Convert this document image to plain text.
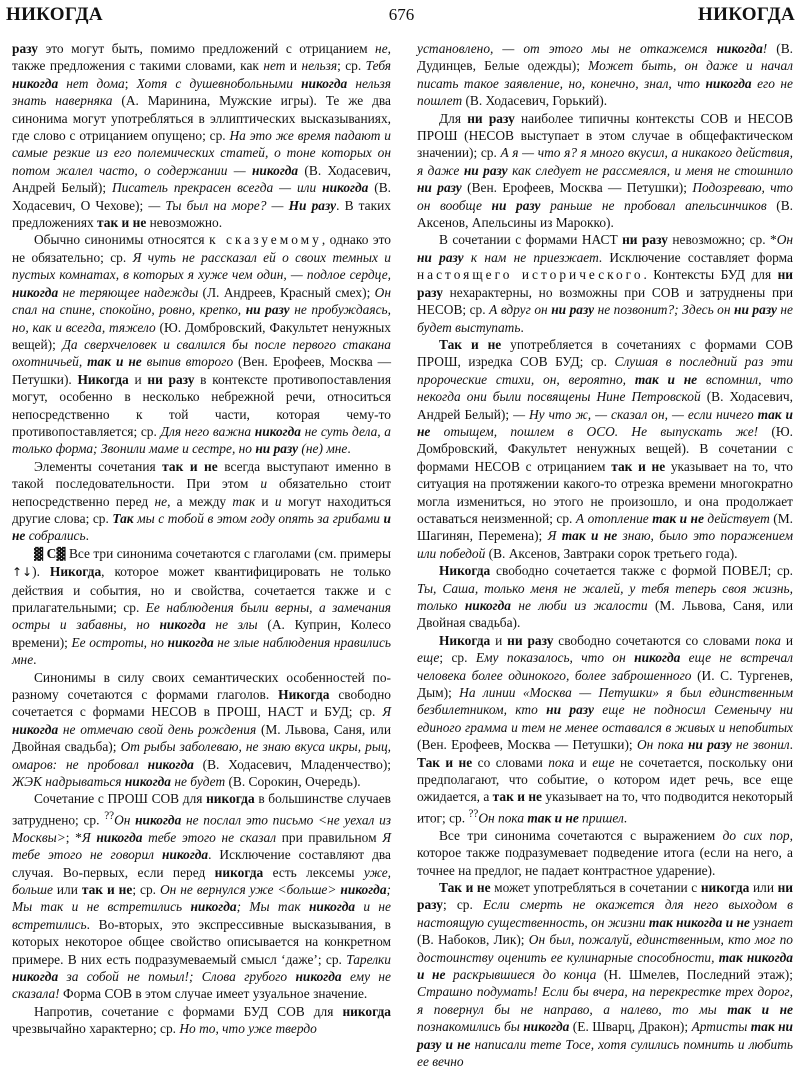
НИКОГДА	676	НИКОГДА

разу это могут быть, помимо предложений с отрицанием не, также предложения с такими словами, как нет и нельзя; ср. Тебя никогда нет дома; Хотя с душевнобольными никогда нельзя знать наверняка (А. Маринина, Мужские игры). Те же два синонима могут употребляться в эллиптических высказываниях, где слово с отрицанием опущено; ср. На это же время падают и самые резкие из его полемических статей, о тоне которых он потом жалел часто, о содержании — никогда (В. Ходасевич, Андрей Белый); Писатель прекрасен всегда — или никогда (В. Ходасевич, О Чехове); — Ты был на море? — Ни разу. В таких предложениях так и не невозможно.

Обычно синонимы относятся к сказуемому, однако это не обязательно; ср. Я чуть не рассказал ей о своих темных и пустых комнатах, в которых я хуже чем один, — подлое сердце, никогда не теряющее надежды (Л. Андреев, Красный смех); Он спал на спине, спокойно, ровно, крепко, ни разу не пробуждаясь, но, как и всегда, тяжело (Ю. Домбровский, Факультет ненужных вещей); Да сверхчеловек и свалился бы после первого стакана охотничьей, так и не выпив второго (Вен. Ерофеев, Москва — Петушки). Никогда и ни разу в контексте противопоставления могут, особенно в несколько небрежной речи, относиться непосредственно к той части, которая чему-то противопоставляется; ср. Для него важна никогда не суть дела, а только форма; Звонили маме и сестре, но ни разу (не) мне.

Элементы сочетания так и не всегда выступают именно в такой последовательности. При этом и обязательно стоит непосредственно перед не, а между так и и могут находиться другие слова; ср. Так мы с тобой в этом году опять за грибами и не собрались.

▓ С▓ Все три синонима сочетаются с глаголами (см. примеры ↑↓). Никогда, которое может квантифицировать не только действия и события, но и свойства, сочетается также и с прилагательными; ср. Ее наблюдения были верны, а замечания остры и забавны, но никогда не злы (А. Куприн, Колесо времени); Ее остроты, но никогда не злые наблюдения нравились мне.

Синонимы в силу своих семантических особенностей по-разному сочетаются с формами глаголов. Никогда свободно сочетается с формами НЕСОВ в ПРОШ, НАСТ и БУД; ср. Я никогда не отмечаю свой день рождения (М. Львова, Саня, или Двойная свадьба); От рыбы заболеваю, не знаю вкуса икры, рыц, омаров: не пробовал никогда (В. Ходасевич, Младенчество); ЖЭК надрываться никогда не будет (В. Сорокин, Очередь).

Сочетание с ПРОШ СОВ для никогда в большинстве случаев затруднено; ср. ??Он никогда не послал это письмо <не уехал из Москвы>; *Я никогда тебе этого не сказал при правильном Я тебе этого не говорил никогда. Исключение составляют два случая. Во-первых, если перед никогда есть лексемы уже, больше или так и не; ср. Он не вернулся уже <больше> никогда; Мы так и не встретились никогда; Мы так никогда и не встретились. Во-вторых, это экспрессивные высказывания, в которых некоторое общее свойство описывается на конкретном примере. В них есть подразумеваемый смысл ‘даже’; ср. Тарелки никогда за собой не помыл!; Слова грубого никогда ему не сказала! Форма СОВ в этом случае имеет узуальное значение.

Напротив, сочетание с формами БУД СОВ для никогда чрезвычайно характерно; ср. Но то, что уже твердо

установлено, — от этого мы не откажемся никогда! (В. Дудинцев, Белые одежды); Может быть, он даже и начал писать такое заявление, но, конечно, знал, что никогда его не пошлет (В. Ходасевич, Горький).

Для ни разу наиболее типичны контексты СОВ и НЕСОВ ПРОШ (НЕСОВ выступает в этом случае в общефактическом значении); ср. А я — что я? я много вкусил, а никакого действия, я даже ни разу как следует не рассмеялся, и меня не стошнило ни разу (Вен. Ерофеев, Москва — Петушки); Подозреваю, что он вообще ни разу раньше не пробовал апельсинчиков (В. Аксенов, Апельсины из Марокко).

В сочетании с формами НАСТ ни разу невозможно; ср. *Он ни разу к нам не приезжает. Исключение составляет форма настоящего исторического. Контексты БУД для ни разу нехарактерны, но возможны при СОВ и затруднены при НЕСОВ; ср. А вдруг он ни разу не позвонит?; Здесь он ни разу не будет выступать.

Так и не употребляется в сочетаниях с формами СОВ ПРОШ, изредка СОВ БУД; ср. Слушая в последний раз эти пророческие стихи, он, вероятно, так и не вспомнил, что некогда они были посвящены Нине Петровской (В. Ходасевич, Андрей Белый); — Ну что ж, — сказал он, — если ничего так и не отыщем, пошлем в ОСО. Не выпускать же! (Ю. Домбровский, Факультет ненужных вещей). В сочетании с формами НЕСОВ с отрицанием так и не указывает на то, что ситуация на протяжении какого-то отрезка времени многократно могла измениться, но этого не произошло, и она продолжает оставаться неизменной; ср. А отопление так и не действует (М. Шагинян, Перемена); Я так и не знаю, было это поражением или победой (В. Аксенов, Завтраки сорок третьего года).

Никогда свободно сочетается также с формой ПОВЕЛ; ср. Ты, Саша, только меня не жалей, у тебя теперь своя жизнь, только никогда не люби из жалости (М. Львова, Саня, или Двойная свадьба).

Никогда и ни разу свободно сочетаются со словами пока и еще; ср. Ему показалось, что он никогда еще не встречал человека более одинокого, более заброшенного (И. С. Тургенев, Дым); На линии «Москва — Петушки» я был единственным безбилетником, кто ни разу еще не подносил Семенычу ни единого грамма и тем не менее оставался в живых и непобитых (Вен. Ерофеев, Москва — Петушки); Он пока ни разу не звонил. Так и не со словами пока и еще не сочетается, поскольку они предполагают, что событие, о котором идет речь, все еще ожидается, а так и не указывает на то, что подводится некоторый итог; ср. ??Он пока так и не пришел.

Все три синонима сочетаются с выражением до сих пор, которое также подразумевает подведение итога (если на него, а точнее на предлог, не падает контрастное ударение).

Так и не может употребляться в сочетании с никогда или ни разу; ср. Если смерть не окажется для него выходом в настоящую существенность, он жизни так никогда и не узнает (В. Набоков, Лик); Он был, пожалуй, единственным, кто мог по достоинству оценить ее кулинарные способности, так никогда и не раскрывшиеся до конца (Н. Шмелев, Последний этаж); Страшно подумать! Если бы вчера, на перекрестке трех дорог, я повернул бы не направо, а налево, то мы так и не познакомились бы никогда (Е. Шварц, Дракон); Артисты так ни разу и не написали тете Тосе, хотя сулились помнить и любить ее вечно
